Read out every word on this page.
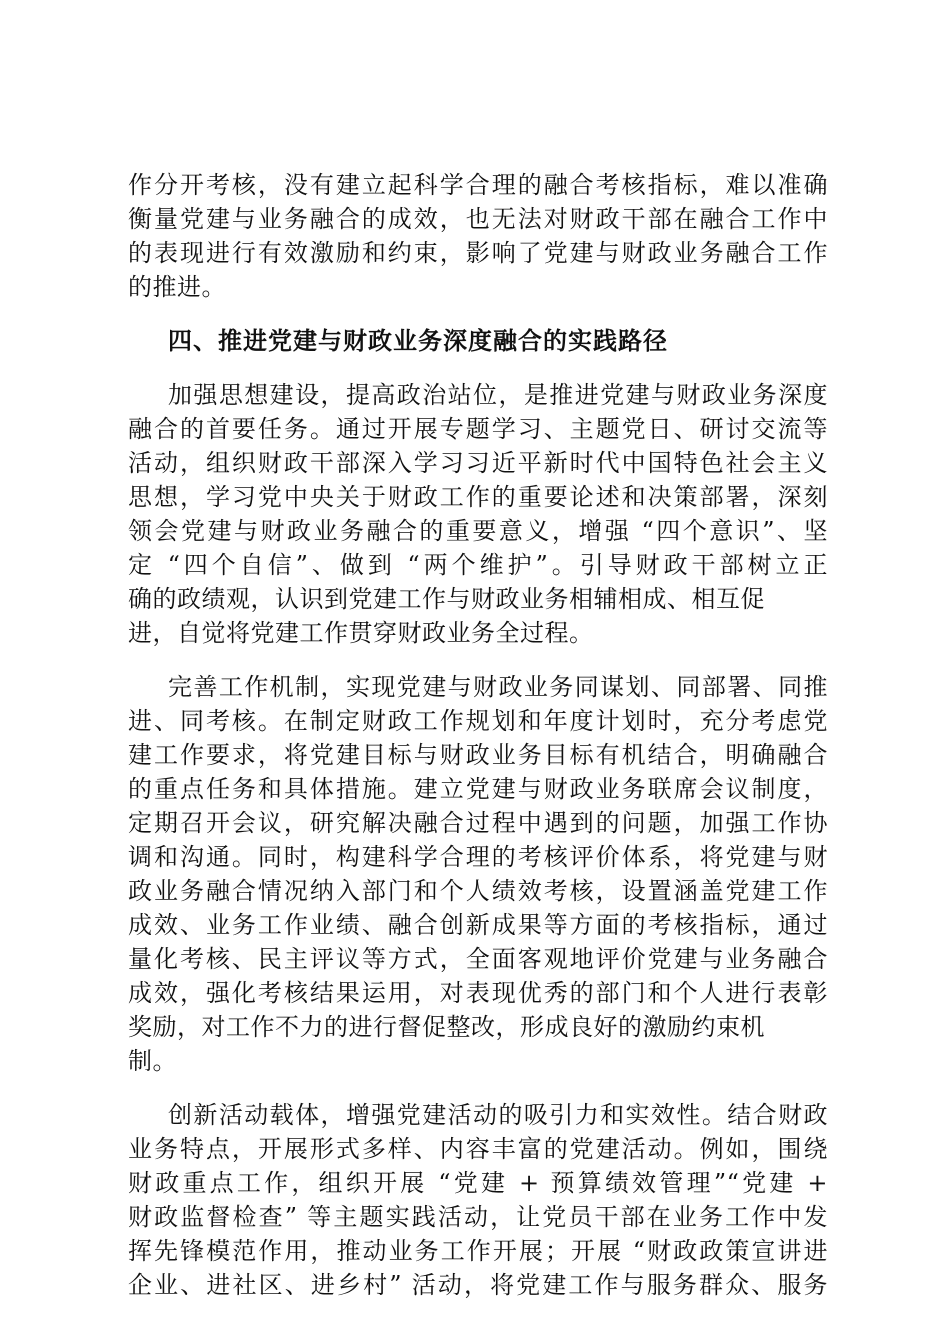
作分开考核，没有建立起科学合理的融合考核指标，难以准确
衡量党建与业务融合的成效，也无法对财政干部在融合工作中
的表现进行有效激励和约束，影响了党建与财政业务融合工作
的推进。
四、推进党建与财政业务深度融合的实践路径
加强思想建设，提高政治站位，是推进党建与财政业务深度
融合的首要任务。通过开展专题学习、主题党日、研讨交流等
活动，组织财政干部深入学习习近平新时代中国特色社会主义
思想，学习党中央关于财政工作的重要论述和决策部署，深刻
领会党建与财政业务融合的重要意义，增强 “四个意识”、坚
定 “四个自信”、做到 “两个维护”。引导财政干部树立正
确的政绩观，认识到党建工作与财政业务相辅相成、相互促
进，自觉将党建工作贯穿财政业务全过程。
完善工作机制，实现党建与财政业务同谋划、同部署、同推
进、同考核。在制定财政工作规划和年度计划时，充分考虑党
建工作要求，将党建目标与财政业务目标有机结合，明确融合
的重点任务和具体措施。建立党建与财政业务联席会议制度，
定期召开会议，研究解决融合过程中遇到的问题，加强工作协
调和沟通。同时，构建科学合理的考核评价体系，将党建与财
政业务融合情况纳入部门和个人绩效考核，设置涵盖党建工作
成效、业务工作业绩、融合创新成果等方面的考核指标，通过
量化考核、民主评议等方式，全面客观地评价党建与业务融合
成效，强化考核结果运用，对表现优秀的部门和个人进行表彰
奖励，对工作不力的进行督促整改，形成良好的激励约束机
制。
创新活动载体，增强党建活动的吸引力和实效性。结合财政
业务特点，开展形式多样、内容丰富的党建活动。例如，围绕
财政重点工作，组织开展 “党建 + 预算绩效管理”“党建 +
财政监督检查” 等主题实践活动，让党员干部在业务工作中发
挥先锋模范作用，推动业务工作开展；开展 “财政政策宣讲进
企业、进社区、进乡村” 活动，将党建工作与服务群众、服务
